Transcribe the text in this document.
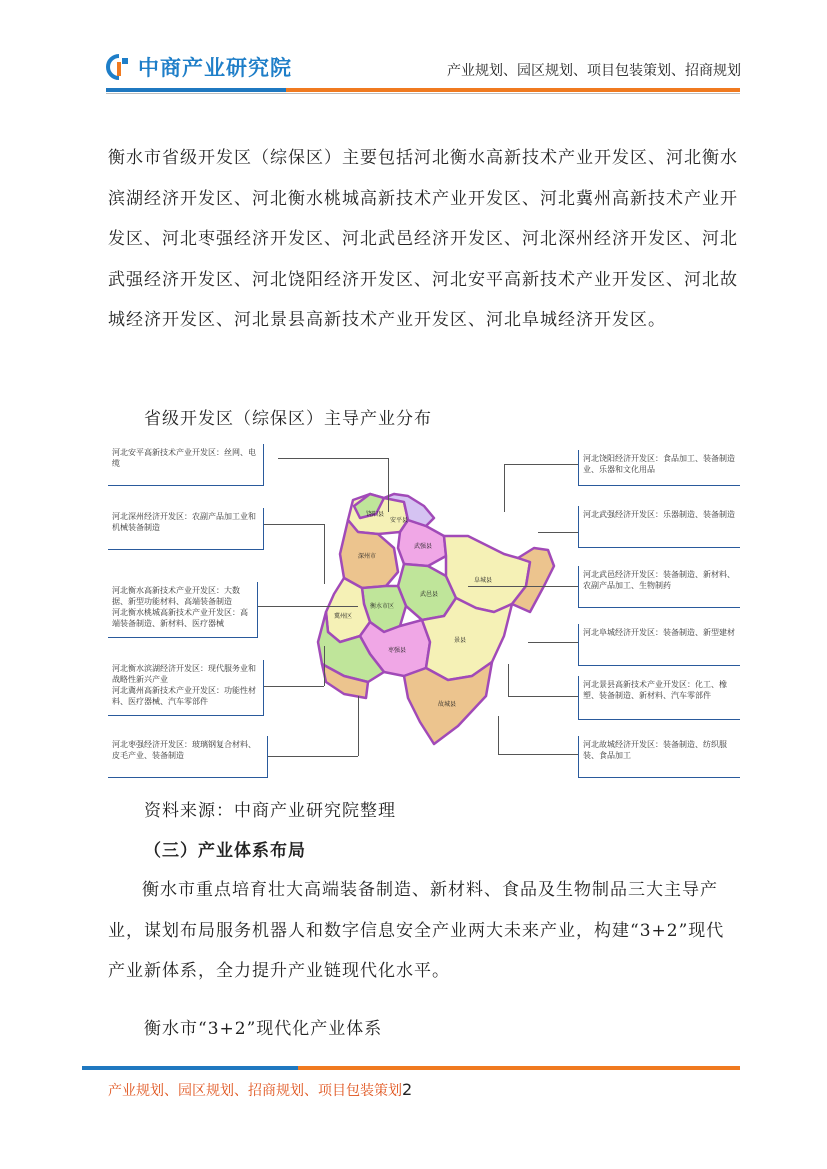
中商产业研究院	产业规划、园区规划、项目包装策划、招商规划
衡水市省级开发区（综保区）主要包括河北衡水高新技术产业开发区、河北衡水滨湖经济开发区、河北衡水桃城高新技术产业开发区、河北冀州高新技术产业开发区、河北枣强经济开发区、河北武邑经济开发区、河北深州经济开发区、河北武强经济开发区、河北饶阳经济开发区、河北安平高新技术产业开发区、河北故城经济开发区、河北景县高新技术产业开发区、河北阜城经济开发区。
省级开发区（综保区）主导产业分布
饶阳县
安平县
深州市
武强县
武邑县
阜城县
衡水市区
冀州区
景县
枣强县
故城县
河北安平高新技术产业开发区：丝网、电缆
河北深州经济开发区：农副产品加工业和机械装备制造
河北衡水高新技术产业开发区：大数据、新型功能材料、高端装备制造
河北衡水桃城高新技术产业开发区：高端装备制造、新材料、医疗器械
河北衡水滨湖经济开发区：现代服务业和战略性新兴产业
河北冀州高新技术产业开发区：功能性材料、医疗器械、汽车零部件
河北枣强经济开发区：玻璃钢复合材料、皮毛产业、装备制造
河北饶阳经济开发区：食品加工、装备制造业、乐器和文化用品
河北武强经济开发区：乐器制造、装备制造
河北武邑经济开发区：装备制造、新材料、农副产品加工、生物制药
河北阜城经济开发区：装备制造、新型建材
河北景县高新技术产业开发区：化工、橡塑、装备制造、新材料、汽车零部件
河北故城经济开发区：装备制造、纺织服装、食品加工
资料来源：中商产业研究院整理
（三）产业体系布局
衡水市重点培育壮大高端装备制造、新材料、食品及生物制品三大主导产业，谋划布局服务机器人和数字信息安全产业两大未来产业，构建“3+2”现代产业新体系，全力提升产业链现代化水平。
衡水市“3+2”现代化产业体系
产业规划、园区规划、招商规划、项目包装策划2
